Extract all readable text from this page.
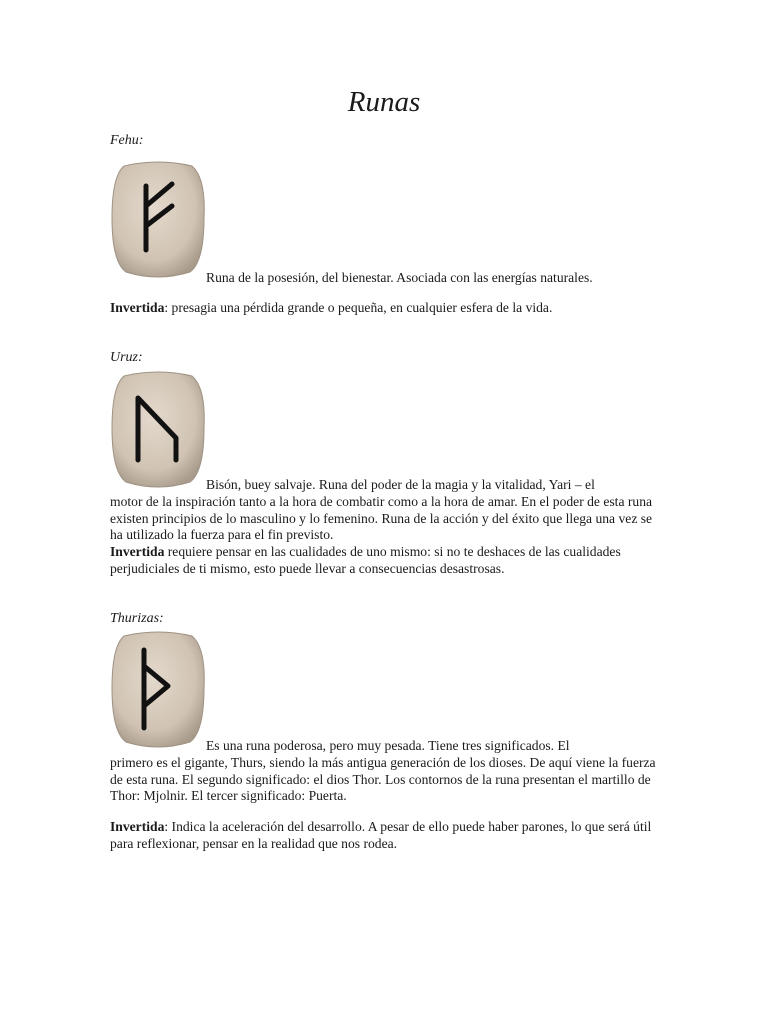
Runas
Fehu:
Runa de la posesión, del bienestar. Asociada con las energías naturales.
Invertida: presagia una pérdida grande o pequeña, en cualquier esfera de la vida.
Uruz:
Bisón, buey salvaje. Runa del poder de la magia y la vitalidad, Yari – el
motor de la inspiración tanto a la hora de combatir como a la hora de amar. En el poder de esta runa existen principios de lo masculino y lo femenino. Runa de la acción y del éxito que llega una vez se ha utilizado la fuerza para el fin previsto.
Invertida requiere pensar en las cualidades de uno mismo: si no te deshaces de las cualidades perjudiciales de ti mismo, esto puede llevar a consecuencias desastrosas.
Thurizas:
Es una runa poderosa, pero muy pesada. Tiene tres significados. El
primero es el gigante, Thurs, siendo la más antigua generación de los dioses. De aquí viene la fuerza de esta runa. El segundo significado: el dios Thor. Los contornos de la runa presentan el martillo de Thor: Mjolnir. El tercer significado: Puerta.
Invertida: Indica la aceleración del desarrollo. A pesar de ello puede haber parones, lo que será útil para reflexionar, pensar en la realidad que nos rodea.
